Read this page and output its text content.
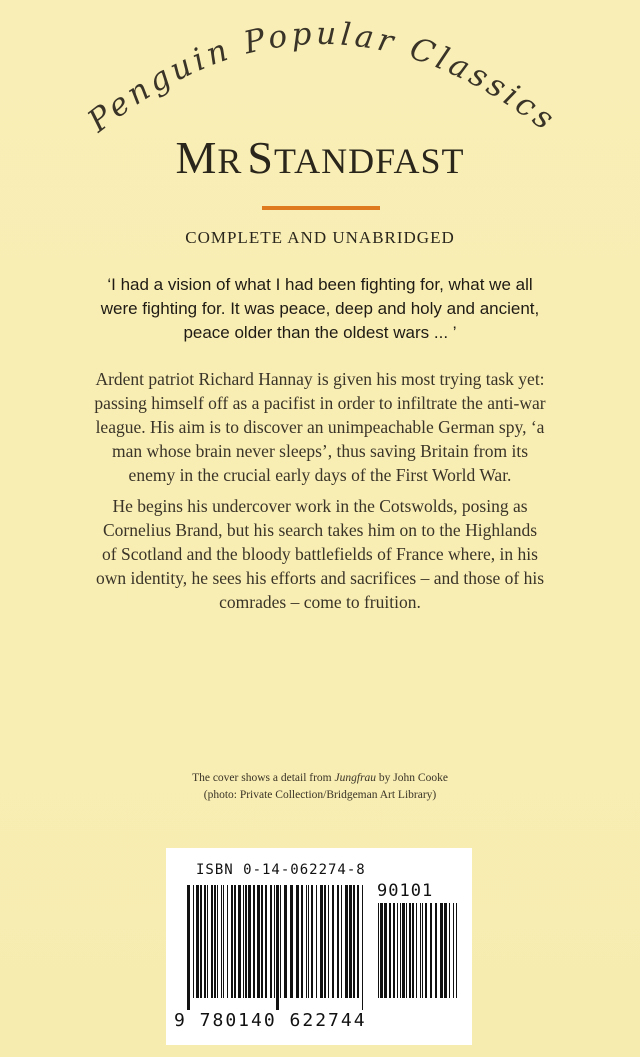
Penguin Popular Classics
MR STANDFAST
COMPLETE AND UNABRIDGED
‘I had a vision of what I had been fighting for, what we all
were fighting for. It was peace, deep and holy and ancient,
peace older than the oldest wars ... ’
Ardent patriot Richard Hannay is given his most trying task yet:
passing himself off as a pacifist in order to infiltrate the anti-war
league. His aim is to discover an unimpeachable German spy, ‘a
man whose brain never sleeps’, thus saving Britain from its
enemy in the crucial early days of the First World War.
He begins his undercover work in the Cotswolds, posing as
Cornelius Brand, but his search takes him on to the Highlands
of Scotland and the bloody battlefields of France where, in his
own identity, he sees his efforts and sacrifices – and those of his
comrades – come to fruition.
The cover shows a detail from Jungfrau by John Cooke
(photo: Private Collection/Bridgeman Art Library)
ISBN 0-14-062274-8
90101
9 780140 622744
